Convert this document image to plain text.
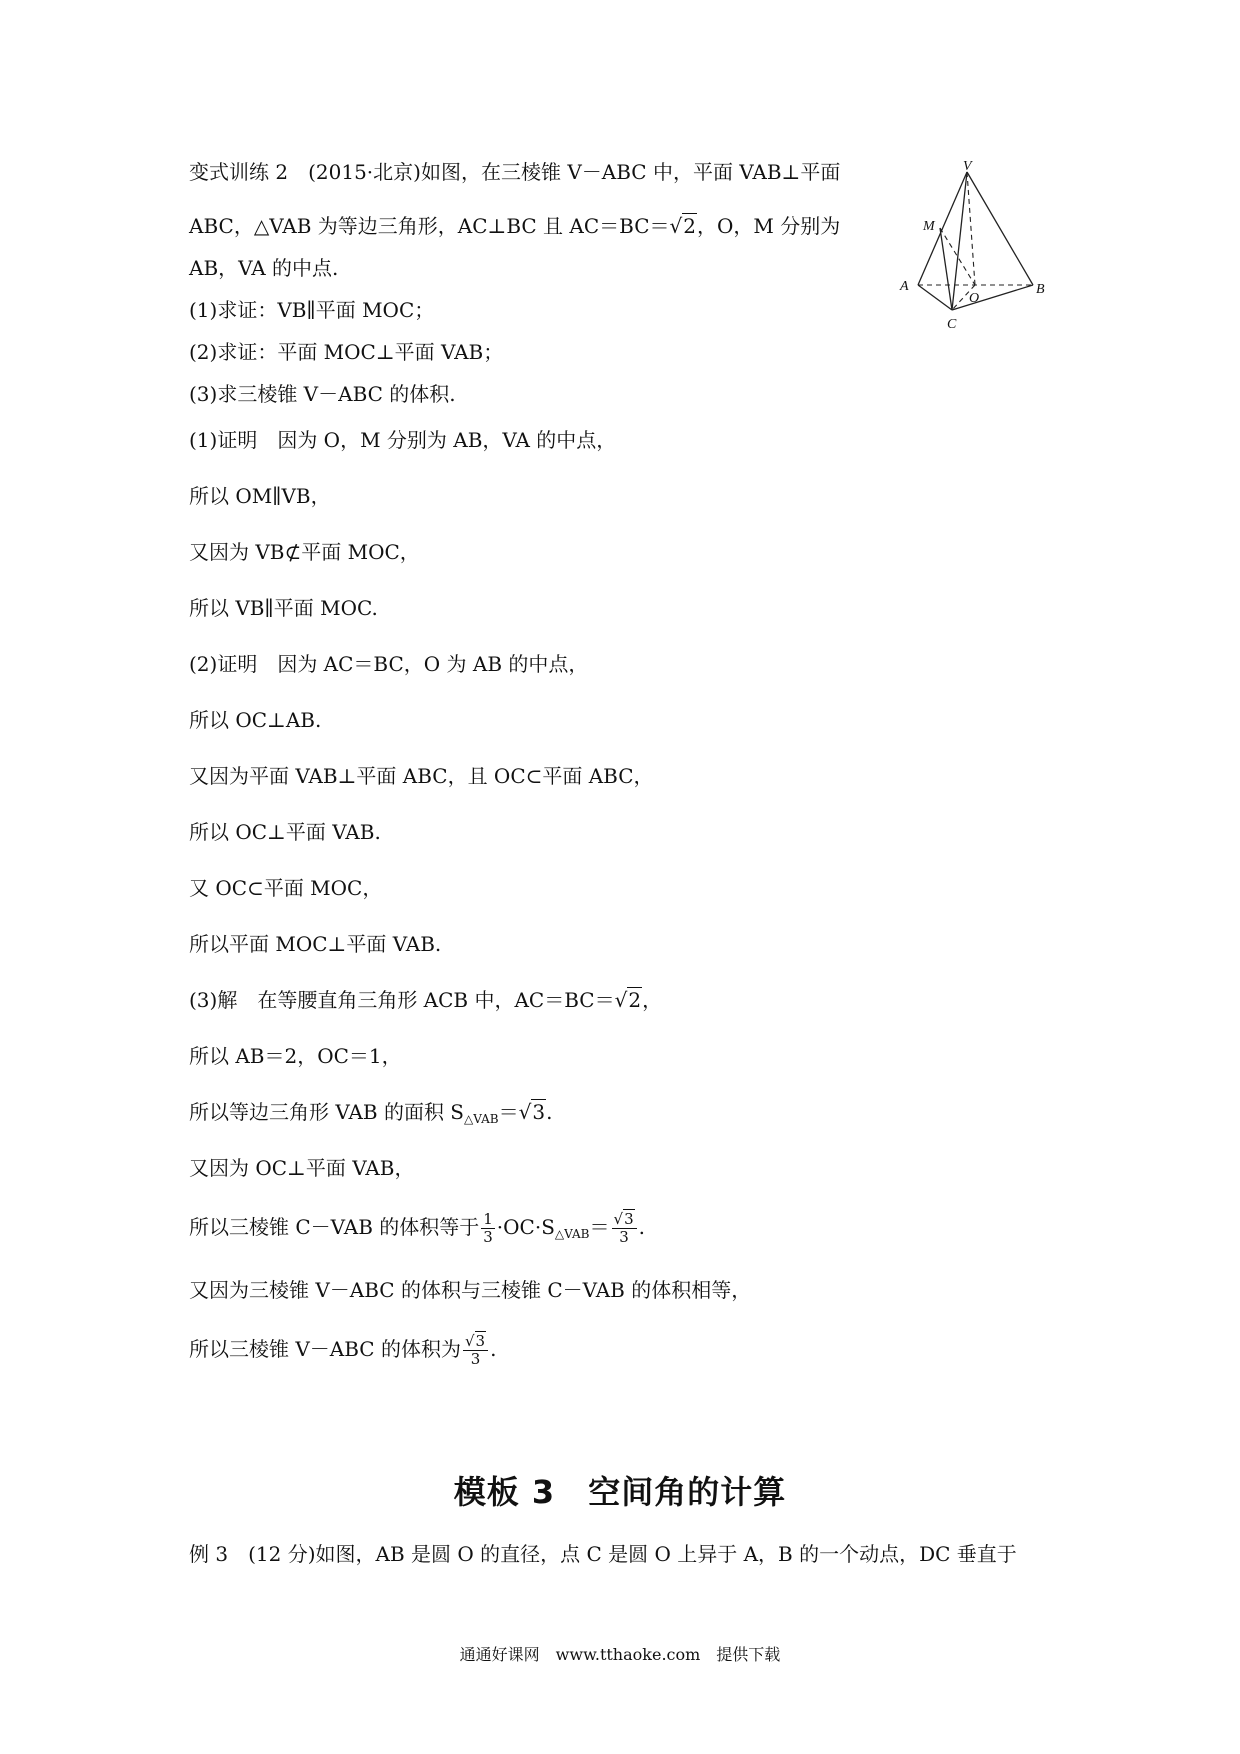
变式训练 2　 (2015·北京)如图，在三棱锥 V－ABC 中，平面 VAB⊥平面
ABC，△VAB 为等边三角形，AC⊥BC 且 AC＝BC＝√2，O，M 分别为
AB，VA 的中点.
(1)求证：VB∥平面 MOC；
(2)求证：平面 MOC⊥平面 VAB；
(3)求三棱锥 V－ABC 的体积.
V
M
A
O
B
C
(1)证明　因为 O，M 分别为 AB，VA 的中点，
所以 OM∥VB，
又因为 VB⊄平面 MOC，
所以 VB∥平面 MOC.
(2)证明　因为 AC＝BC，O 为 AB 的中点，
所以 OC⊥AB.
又因为平面 VAB⊥平面 ABC，且 OC⊂平面 ABC，
所以 OC⊥平面 VAB.
又 OC⊂平面 MOC，
所以平面 MOC⊥平面 VAB.
(3)解　在等腰直角三角形 ACB 中，AC＝BC＝√2，
所以 AB＝2，OC＝1，
所以等边三角形 VAB 的面积 $S_{\triangle VAB}=√3$.
又因为 OC⊥平面 VAB，
所以三棱锥 C－VAB 的体积等于 $\frac{1}{3} \cdot OC\cdot S_{\triangle VAB}= \frac{√3}{3}$ .
又因为三棱锥 V－ABC 的体积与三棱锥 C－VAB 的体积相等，
所以三棱锥 V－ABC 的体积为 $\frac{√3}{3}$ .
模板 3　空间角的计算
例 3　 (12 分)如图，AB 是圆 O 的直径，点 C 是圆 O 上异于 A，B 的一个动点，DC 垂直于
通通好课网　www.tthaoke.com　提供下载
